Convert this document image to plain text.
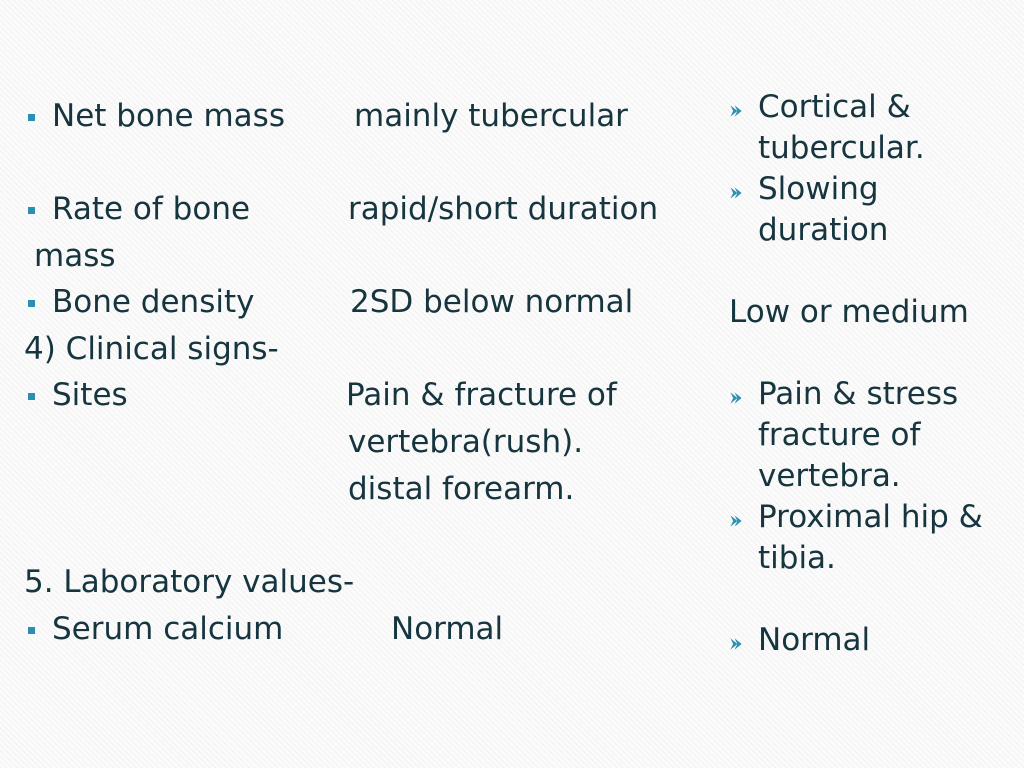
Net bone mass

Rate of bone

mass

Bone density

4) Clinical signs-

Sites

5. Laboratory values-

Serum calcium

mainly tubercular

rapid/short duration

2SD below normal

Pain & fracture of

vertebra(rush).

distal forearm.

Normal

Cortical &

tubercular.

Slowing

duration

Low or medium

Pain & stress

fracture of

vertebra.

Proximal hip &

tibia.

Normal
